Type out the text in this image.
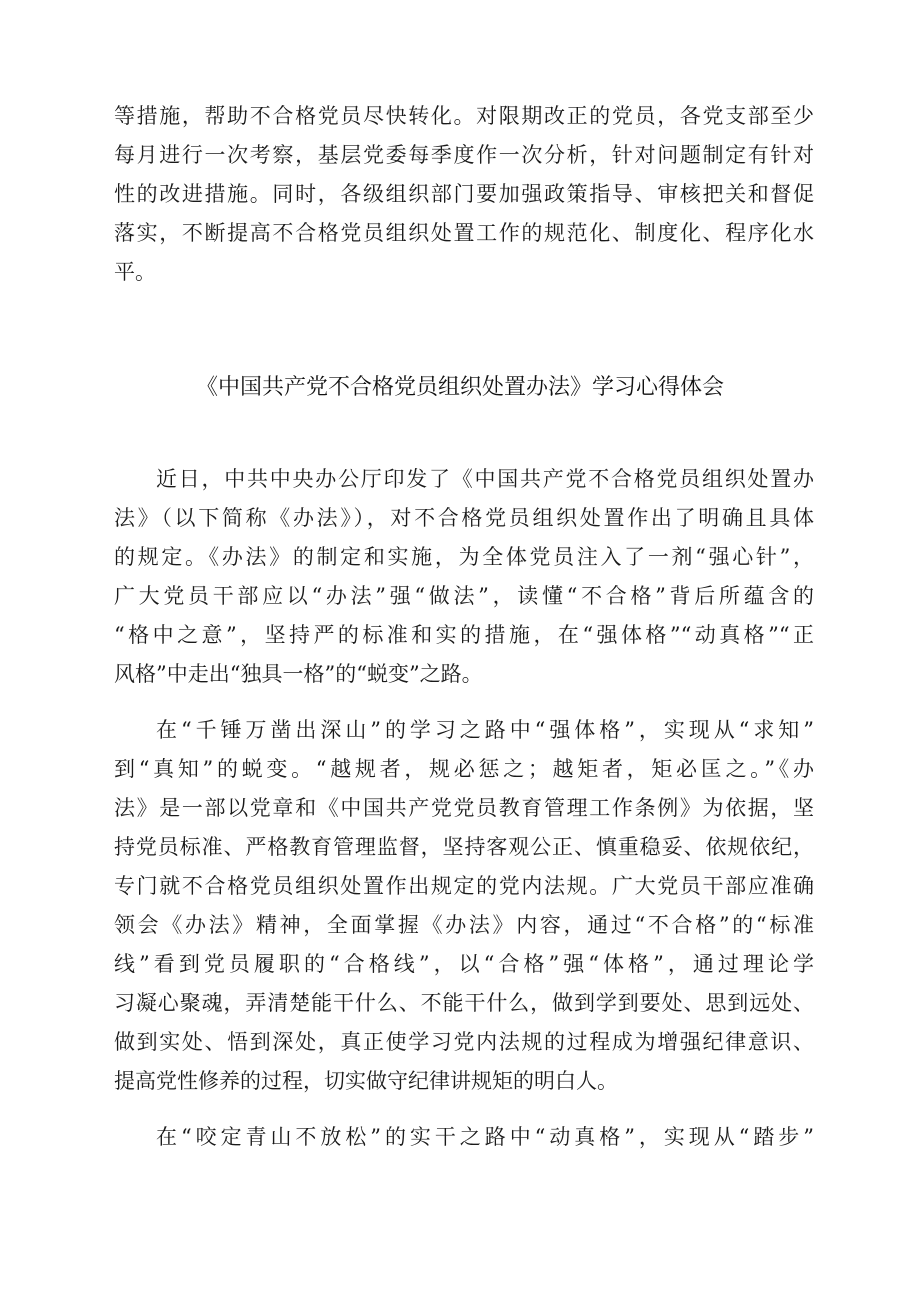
等措施，帮助不合格党员尽快转化。对限期改正的党员，各党支部至少
每月进行一次考察，基层党委每季度作一次分析，针对问题制定有针对
性的改进措施。同时，各级组织部门要加强政策指导、审核把关和督促
落实，不断提高不合格党员组织处置工作的规范化、制度化、程序化水
平。
《中国共产党不合格党员组织处置办法》学习心得体会
近日，中共中央办公厅印发了《中国共产党不合格党员组织处置办
法》（以下简称《办法》），对不合格党员组织处置作出了明确且具体
的规定。《办法》的制定和实施，为全体党员注入了一剂“强心针”，
广大党员干部应以“办法”强“做法”，读懂“不合格”背后所蕴含的
“格中之意”，坚持严的标准和实的措施，在“强体格”“动真格”“正
风格”中走出“独具一格”的“蜕变”之路。
在“千锤万凿出深山”的学习之路中“强体格”，实现从“求知”
到“真知”的蜕变。“越规者，规必惩之；越矩者，矩必匡之。”《办
法》是一部以党章和《中国共产党党员教育管理工作条例》为依据，坚
持党员标准、严格教育管理监督，坚持客观公正、慎重稳妥、依规依纪，
专门就不合格党员组织处置作出规定的党内法规。广大党员干部应准确
领会《办法》精神，全面掌握《办法》内容，通过“不合格”的“标准
线”看到党员履职的“合格线”，以“合格”强“体格”，通过理论学
习凝心聚魂，弄清楚能干什么、不能干什么，做到学到要处、思到远处、
做到实处、悟到深处，真正使学习党内法规的过程成为增强纪律意识、
提高党性修养的过程，切实做守纪律讲规矩的明白人。
在“咬定青山不放松”的实干之路中“动真格”，实现从“踏步”
